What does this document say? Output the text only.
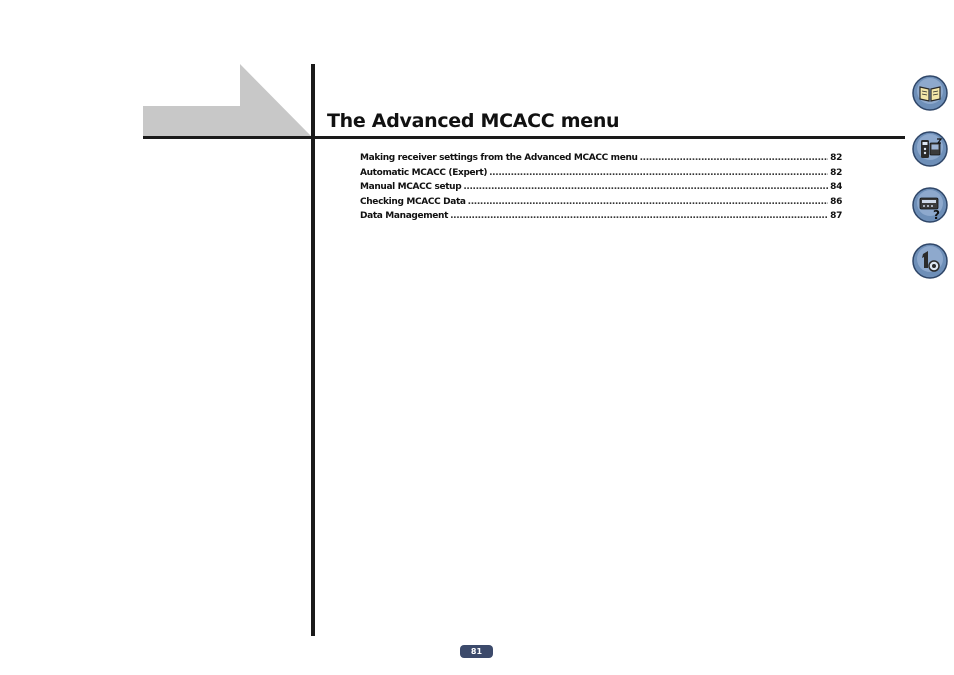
The Advanced MCACC menu
Making receiver settings from the Advanced MCACC menu .....	82
Automatic MCACC (Expert) .....	82
Manual MCACC setup .....	84
Checking MCACC Data .....	86
Data Management .....	87	?
81
